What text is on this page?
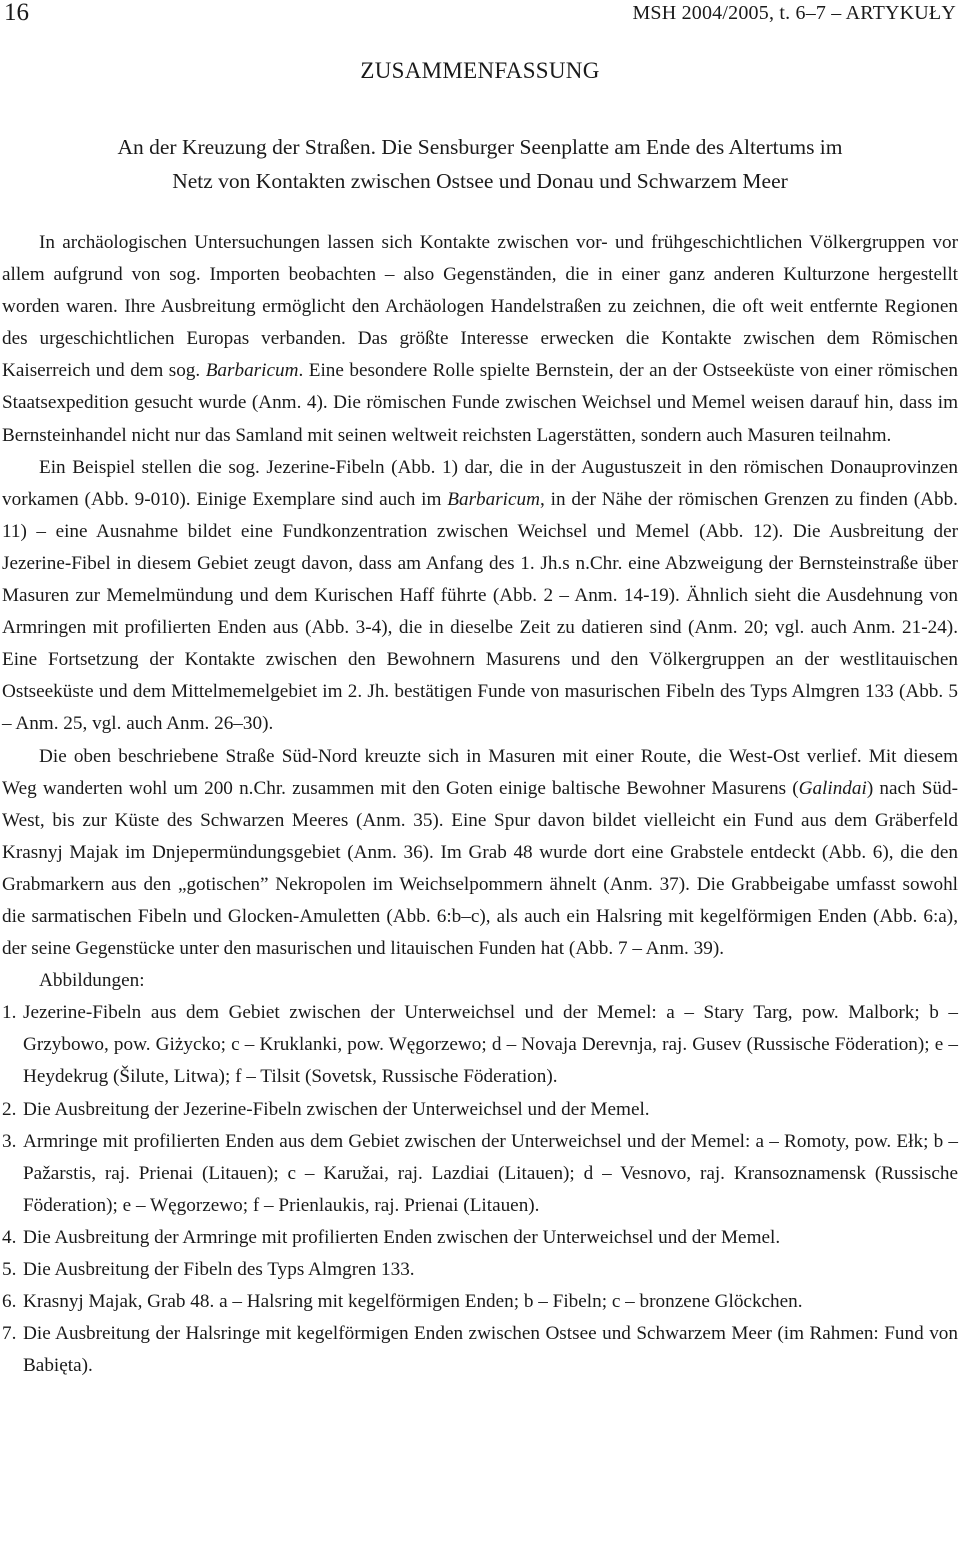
16	MSH 2004/2005, t. 6–7 – ARTYKUŁY
ZUSAMMENFASSUNG
An der Kreuzung der Straßen. Die Sensburger Seenplatte am Ende des Altertums im
Netz von Kontakten zwischen Ostsee und Donau und Schwarzem Meer

In archäologischen Untersuchungen lassen sich Kontakte zwischen vor- und frühgeschichtlichen Völkergruppen vor allem aufgrund von sog. Importen beobachten – also Gegenständen, die in einer ganz anderen Kulturzone hergestellt worden waren. Ihre Ausbreitung ermöglicht den Archäologen Handelstraßen zu zeichnen, die oft weit entfernte Regionen des urgeschichtlichen Europas verbanden. Das größte Interesse erwecken die Kontakte zwischen dem Römischen Kaiserreich und dem sog. Barbaricum. Eine besondere Rolle spielte Bernstein, der an der Ostseeküste von einer römischen Staatsexpedition gesucht wurde (Anm. 4). Die römischen Funde zwischen Weichsel und Memel weisen darauf hin, dass im Bernsteinhandel nicht nur das Samland mit seinen weltweit reichsten Lagerstätten, sondern auch Masuren teilnahm.

Ein Beispiel stellen die sog. Jezerine-Fibeln (Abb. 1) dar, die in der Augustuszeit in den römischen Donauprovinzen vorkamen (Abb. 9-010). Einige Exemplare sind auch im Barbaricum, in der Nähe der römischen Grenzen zu finden (Abb. 11) – eine Ausnahme bildet eine Fundkonzentration zwischen Weichsel und Memel (Abb. 12). Die Ausbreitung der Jezerine-Fibel in diesem Gebiet zeugt davon, dass am Anfang des 1. Jh.s n.Chr. eine Abzweigung der Bernsteinstraße über Masuren zur Memelmündung und dem Kurischen Haff führte (Abb. 2 – Anm. 14-19). Ähnlich sieht die Ausdehnung von Armringen mit profilierten Enden aus (Abb. 3-4), die in dieselbe Zeit zu datieren sind (Anm. 20; vgl. auch Anm. 21-24). Eine Fortsetzung der Kontakte zwischen den Bewohnern Masurens und den Völkergruppen an der westlitauischen Ostseeküste und dem Mittelmemelgebiet im 2. Jh. bestätigen Funde von masurischen Fibeln des Typs Almgren 133 (Abb. 5 – Anm. 25, vgl. auch Anm. 26–30).

Die oben beschriebene Straße Süd-Nord kreuzte sich in Masuren mit einer Route, die West-Ost verlief. Mit diesem Weg wanderten wohl um 200 n.Chr. zusammen mit den Goten einige baltische Bewohner Masurens (Galindai) nach Süd-West, bis zur Küste des Schwarzen Meeres (Anm. 35). Eine Spur davon bildet vielleicht ein Fund aus dem Gräberfeld Krasnyj Majak im Dnjepermündungsgebiet (Anm. 36). Im Grab 48 wurde dort eine Grabstele entdeckt (Abb. 6), die den Grabmarkern aus den „gotischen” Nekropolen im Weichselpommern ähnelt (Anm. 37). Die Grabbeigabe umfasst sowohl die sarmatischen Fibeln und Glocken-Amuletten (Abb. 6:b–c), als auch ein Halsring mit kegelförmigen Enden (Abb. 6:a), der seine Gegenstücke unter den masurischen und litauischen Funden hat (Abb. 7 – Anm. 39).

Abbildungen:

1. Jezerine-Fibeln aus dem Gebiet zwischen der Unterweichsel und der Memel: a – Stary Targ, pow. Malbork; b – Grzybowo, pow. Giżycko; c – Kruklanki, pow. Węgorzewo; d – Novaja Derevnja, raj. Gusev (Russische Föderation); e – Heydekrug (Šilute, Litwa); f – Tilsit (Sovetsk, Russische Föderation).
2. Die Ausbreitung der Jezerine-Fibeln zwischen der Unterweichsel und der Memel.
3. Armringe mit profilierten Enden aus dem Gebiet zwischen der Unterweichsel und der Memel: a – Romoty, pow. Ełk; b – Pažarstis, raj. Prienai (Litauen); c – Karužai, raj. Lazdiai (Litauen); d – Vesnovo, raj. Kransoznamensk (Russische Föderation); e – Węgorzewo; f – Prienlaukis, raj. Prienai (Litauen).
4. Die Ausbreitung der Armringe mit profilierten Enden zwischen der Unterweichsel und der Memel.
5. Die Ausbreitung der Fibeln des Typs Almgren 133.
6. Krasnyj Majak, Grab 48. a – Halsring mit kegelförmigen Enden; b – Fibeln; c – bronzene Glöckchen.
7. Die Ausbreitung der Halsringe mit kegelförmigen Enden zwischen Ostsee und Schwarzem Meer (im Rahmen: Fund von Babięta).
